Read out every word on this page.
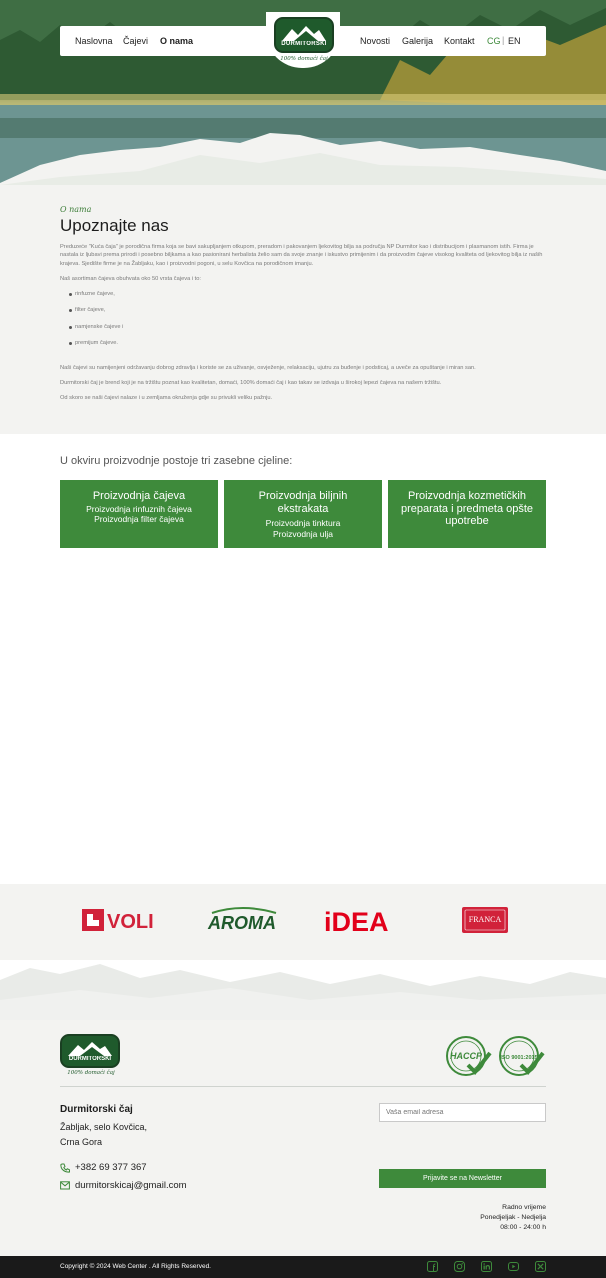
Naslovna Čajevi O nama	Novosti Galerija Kontakt CG | EN
DURMITORSKI
100% domaći čaj
O nama
Upoznajte nas

Preduzeće "Kuća čaja" je porodična firma koja se bavi sakupljanjem otkupom, preradom i pakovanjem ljekovitog bilja sa područja NP Durmitor kao i distribucijom i plasmanom istih. Firma je nastala iz ljubavi prema prirodi i posebno biljkama a kao pasionirani herbalista želio sam da svoje znanje i iskustvo primijenim i da proizvodim čajeve visokog kvaliteta od ljekovitog bilja iz naših krajeva. Sjedište firme je na Žabljaku, kao i proizvodni pogoni, u selu Kovčica na porodičnom imanju.

Naš asortiman čajeva obuhvata oko 50 vrsta čajeva i to:

rinfuzne čajeve,
filter čajeve,
namjenske čajeve i
premijum čajeve.

Naši čajevi su namijenjeni održavanju dobrog zdravlja i koriste se za uživanje, osvježenje, relaksaciju, ujutru za buđenje i podsticaj, a uveče za opuštanje i miran san.

Durmitorski čaj je brend koji je na tržištu poznat kao kvalitetan, domaći, 100% domaći čaj i kao takav se izdvaja u širokoj lepezi čajeva na našem tržištu.

Od skoro se naši čajevi nalaze i u zemljama okruženja gdje su privukli veliku pažnju.

U okviru proizvodnje postoje tri zasebne cjeline:
Proizvodnja čajeva
Proizvodnja rinfuznih čajeva
Proizvodnja filter čajeva
Proizvodnja biljnih ekstrakata
Proizvodnja tinktura
Proizvodnja ulja
Proizvodnja kozmetičkih preparata i predmeta opšte upotrebe
VOLI	AROMA iDEA	FRANCA
DURMITORSKI
100% domaći čaj
HACCP	ISO 9001:2015
Durmitorski čaj
Žabljak, selo Kovčica,
Crna Gora
+382 69 377 367
durmitorskicaj@gmail.com
Vaša email adresa
Prijavite se na Newsletter
Radno vrijeme
Ponedjeljak - Nedjelja
08:00 - 24:00 h
Copyright © 2024 Web Center . All Rights Reserved.
